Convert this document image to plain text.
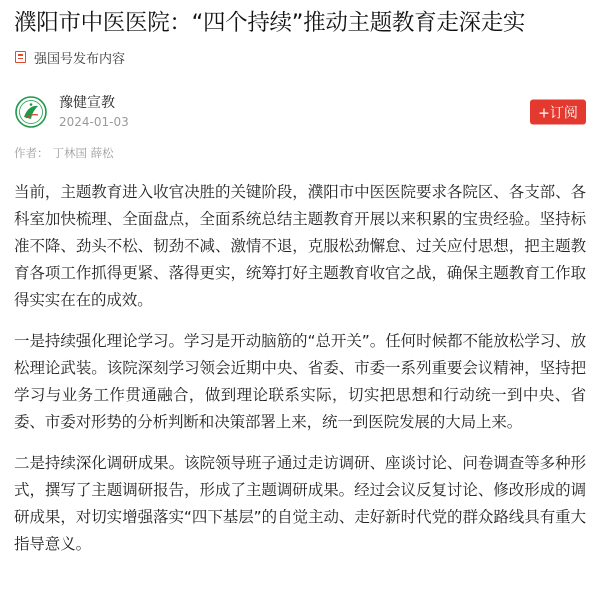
濮阳市中医医院：“四个持续”推动主题教育走深走实
强国号发布内容
豫健宣教
2024-01-03
+订阅
作者： 丁林国 薛松

当前，主题教育进入收官决胜的关键阶段，濮阳市中医医院要求各院区、各支部、各科室加快梳理、全面盘点，全面系统总结主题教育开展以来积累的宝贵经验。坚持标准不降、劲头不松、韧劲不减、激情不退，克服松劲懈怠、过关应付思想，把主题教育各项工作抓得更紧、落得更实，统筹打好主题教育收官之战，确保主题教育工作取得实实在在的成效。

一是持续强化理论学习。学习是开动脑筋的“总开关”。任何时候都不能放松学习、放松理论武装。该院深刻学习领会近期中央、省委、市委一系列重要会议精神，坚持把学习与业务工作贯通融合，做到理论联系实际，切实把思想和行动统一到中央、省委、市委对形势的分析判断和决策部署上来，统一到医院发展的大局上来。

二是持续深化调研成果。该院领导班子通过走访调研、座谈讨论、问卷调查等多种形式，撰写了主题调研报告，形成了主题调研成果。经过会议反复讨论、修改形成的调研成果，对切实增强落实“四下基层”的自觉主动、走好新时代党的群众路线具有重大指导意义。
